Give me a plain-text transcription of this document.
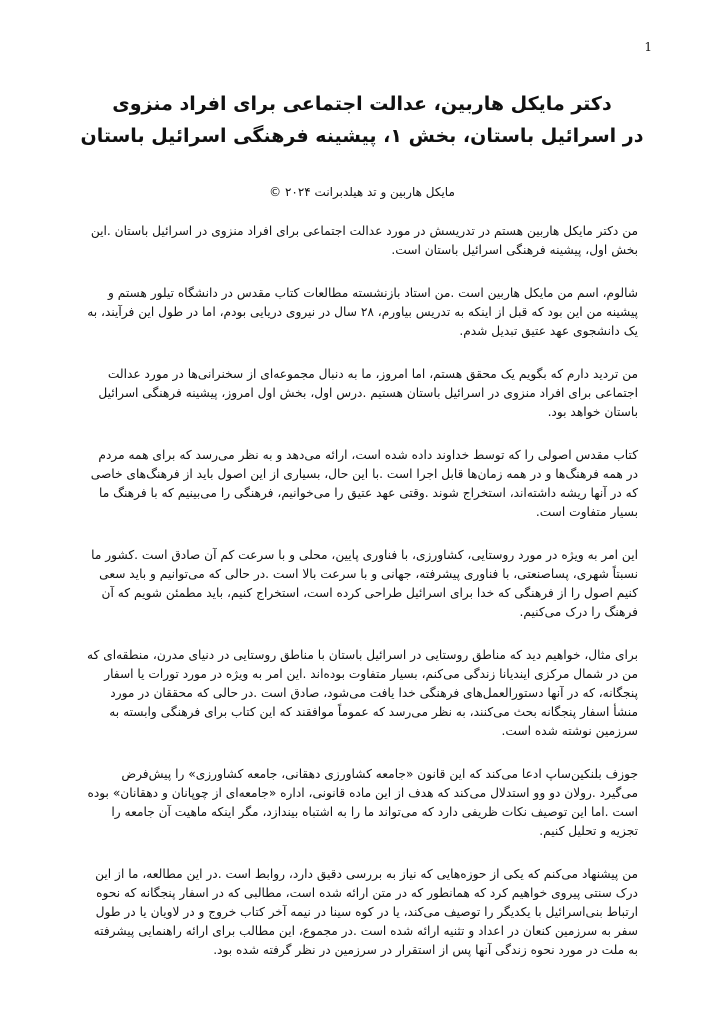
1
دکتر مایکل هاربین، عدالت اجتماعی برای افراد منزوی
در اسرائیل باستان، بخش ۱، پیشینه فرهنگی اسرائیل باستان
مایکل هاربین و تد هیلدبرانت ۲۰۲۴ ©

من دکتر مایکل هاربین هستم در تدریسش در مورد عدالت اجتماعی برای افراد منزوی در اسرائیل باستان .این بخش اول، پیشینه فرهنگی اسرائیل باستان است.

شالوم، اسم من مایکل هاربین است .من استاد بازنشسته مطالعات کتاب مقدس در دانشگاه تیلور هستم و پیشینه من این بود که قبل از اینکه به تدریس بیاورم، ۲۸ سال در نیروی دریایی بودم، اما در طول این فرآیند، به یک دانشجوی عهد عتیق تبدیل شدم.

من تردید دارم که بگویم یک محقق هستم، اما امروز، ما به دنبال مجموعه‌ای از سخنرانی‌ها در مورد عدالت اجتماعی برای افراد منزوی در اسرائیل باستان هستیم .درس اول، بخش اول امروز، پیشینه فرهنگی اسرائیل باستان خواهد بود.

کتاب مقدس اصولی را که توسط خداوند داده شده است، ارائه می‌دهد و به نظر می‌رسد که برای همه مردم در همه فرهنگ‌ها و در همه زمان‌ها قابل اجرا است .با این حال، بسیاری از این اصول باید از فرهنگ‌های خاصی که در آنها ریشه داشته‌اند، استخراج شوند .وقتی عهد عتیق را می‌خوانیم، فرهنگی را می‌بینیم که با فرهنگ ما بسیار متفاوت است.

این امر به ویژه در مورد روستایی، کشاورزی، با فناوری پایین، محلی و با سرعت کم آن صادق است .کشور ما نسبتاً شهری، پساصنعتی، با فناوری پیشرفته، جهانی و با سرعت بالا است .در حالی که می‌توانیم و باید سعی کنیم اصول را از فرهنگی که خدا برای اسرائیل طراحی کرده است، استخراج کنیم، باید مطمئن شویم که آن فرهنگ را درک می‌کنیم.

برای مثال، خواهیم دید که مناطق روستایی در اسرائیل باستان با مناطق روستایی در دنیای مدرن، منطقه‌ای که من در شمال مرکزی ایندیانا زندگی می‌کنم، بسیار متفاوت بوده‌اند .این امر به ویژه در مورد تورات یا اسفار پنجگانه، که در آنها دستورالعمل‌های فرهنگی خدا یافت می‌شود، صادق است .در حالی که محققان در مورد منشأ اسفار پنجگانه بحث می‌کنند، به نظر می‌رسد که عموماً موافقند که این کتاب برای فرهنگی وابسته به سرزمین نوشته شده است.

جوزف بلنکین‌ساپ ادعا می‌کند که این قانون «جامعه کشاورزی دهقانی، جامعه کشاورزی» را پیش‌فرض می‌گیرد .رولان دو وو استدلال می‌کند که هدف از این ماده قانونی، اداره «جامعه‌ای از چوپانان و دهقانان» بوده است .اما این توصیف نکات ظریفی دارد که می‌تواند ما را به اشتباه بیندازد، مگر اینکه ماهیت آن جامعه را تجزیه و تحلیل کنیم.

من پیشنهاد می‌کنم که یکی از حوزه‌هایی که نیاز به بررسی دقیق دارد، روابط است .در این مطالعه، ما از این درک سنتی پیروی خواهیم کرد که همانطور که در متن ارائه شده است، مطالبی که در اسفار پنجگانه که نحوه ارتباط بنی‌اسرائیل با یکدیگر را توصیف می‌کند، یا در کوه سینا در نیمه آخر کتاب خروج و در لاویان یا در طول سفر به سرزمین کنعان در اعداد و تثنیه ارائه شده است .در مجموع، این مطالب برای ارائه راهنمایی پیشرفته به ملت در مورد نحوه زندگی آنها پس از استقرار در سرزمین در نظر گرفته شده بود.
